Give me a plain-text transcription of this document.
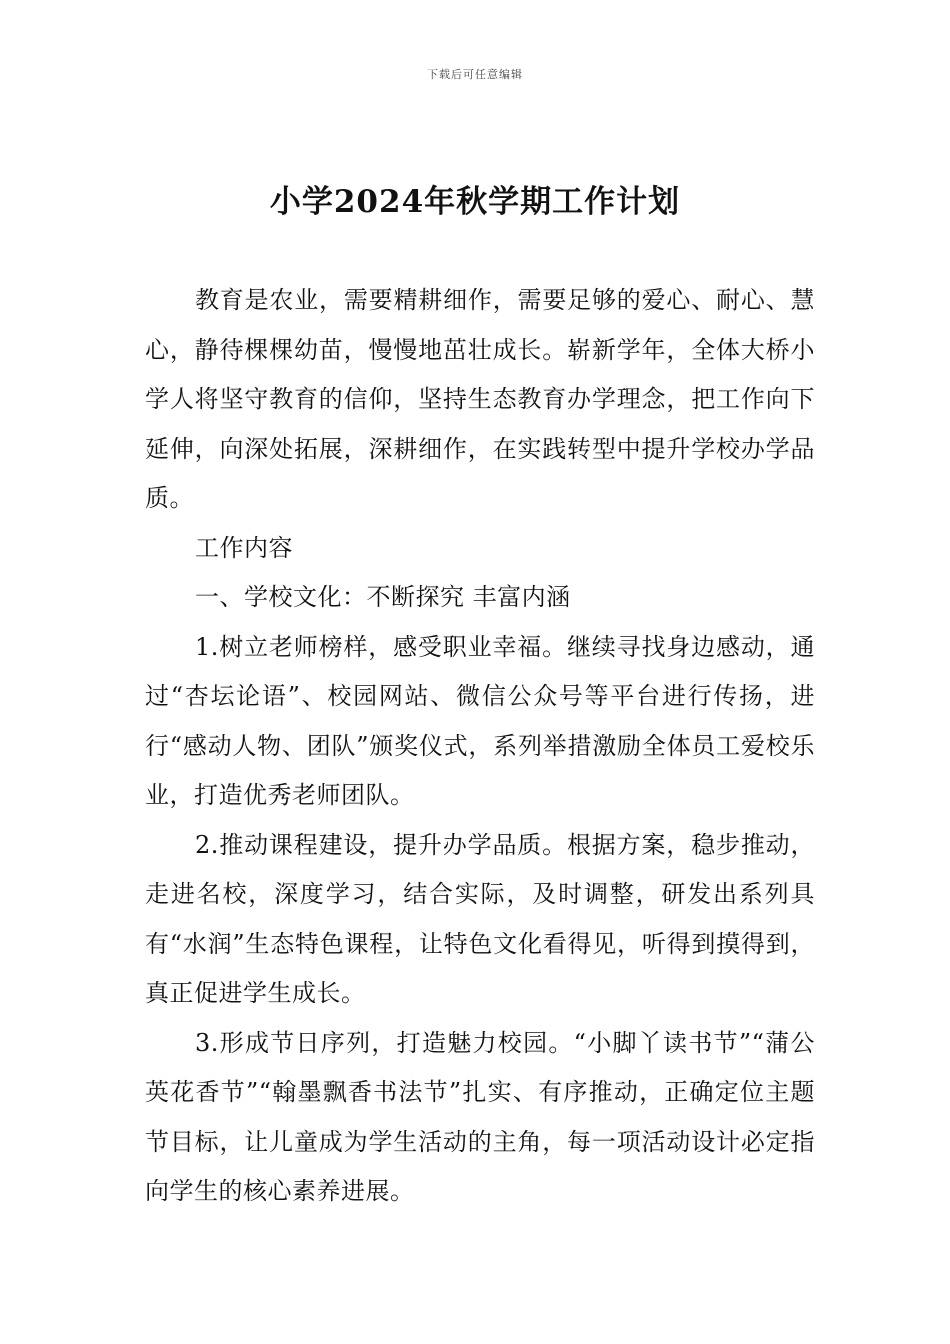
下载后可任意编辑
小学2024年秋学期工作计划

教育是农业，需要精耕细作，需要足够的爱心、耐心、慧心，静待棵棵幼苗，慢慢地茁壮成长。崭新学年，全体大桥小学人将坚守教育的信仰，坚持生态教育办学理念，把工作向下延伸，向深处拓展，深耕细作，在实践转型中提升学校办学品质。

工作内容

一、学校文化：不断探究 丰富内涵

1.树立老师榜样，感受职业幸福。继续寻找身边感动，通过“杏坛论语”、校园网站、微信公众号等平台进行传扬，进行“感动人物、团队”颁奖仪式，系列举措激励全体员工爱校乐业，打造优秀老师团队。

2.推动课程建设，提升办学品质。根据方案，稳步推动，走进名校，深度学习，结合实际，及时调整，研发出系列具有“水润”生态特色课程，让特色文化看得见，听得到摸得到，真正促进学生成长。

3.形成节日序列，打造魅力校园。“小脚丫读书节”“蒲公英花香节”“翰墨飘香书法节”扎实、有序推动，正确定位主题节目标，让儿童成为学生活动的主角，每一项活动设计必定指向学生的核心素养进展。
